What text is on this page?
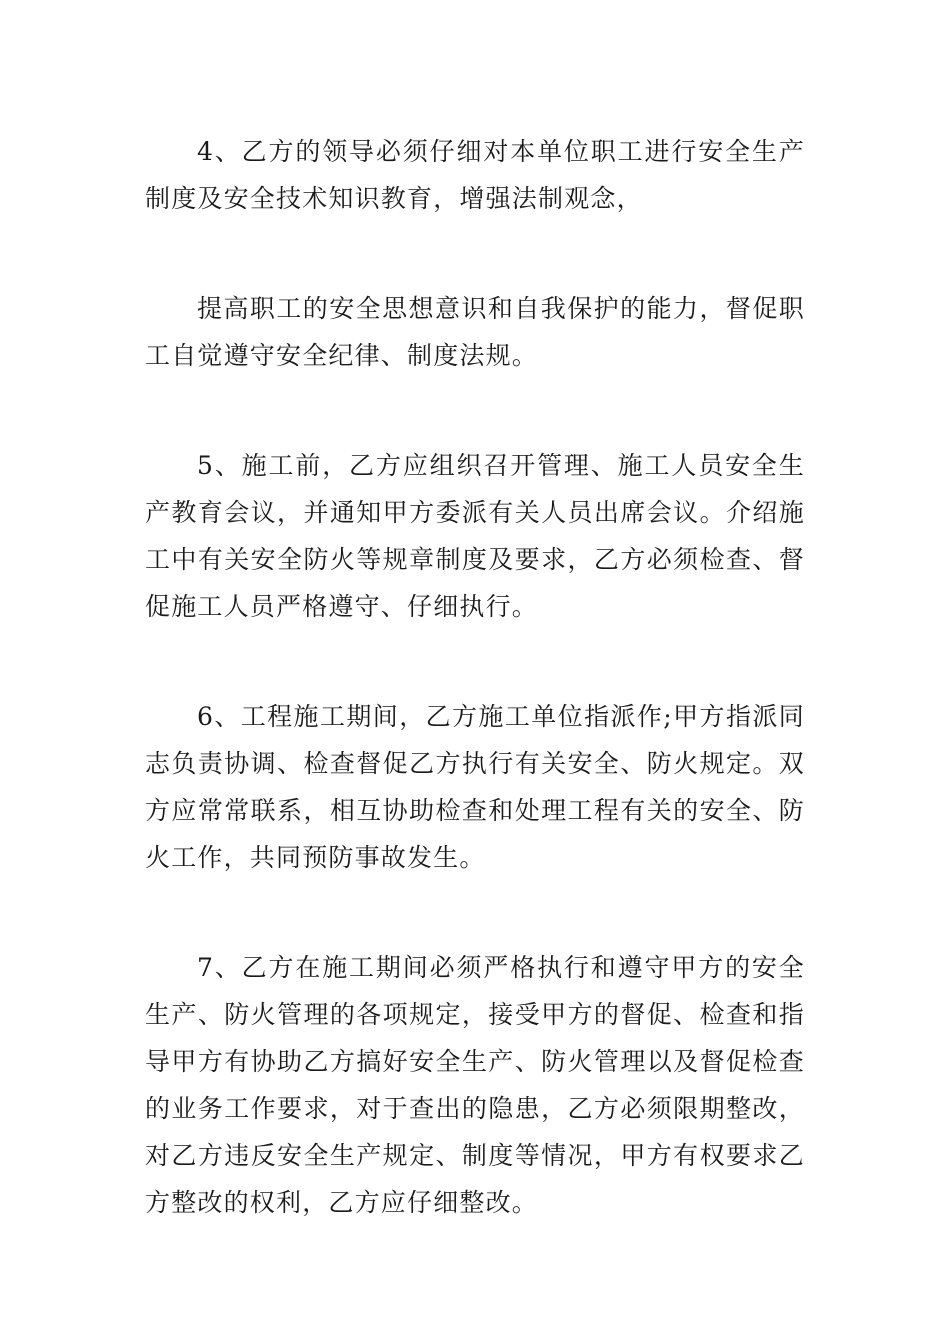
4、乙方的领导必须仔细对本单位职工进行安全生产制度及安全技术知识教育，增强法制观念，

提高职工的安全思想意识和自我保护的能力，督促职工自觉遵守安全纪律、制度法规。

5、施工前，乙方应组织召开管理、施工人员安全生产教育会议，并通知甲方委派有关人员出席会议。介绍施工中有关安全防火等规章制度及要求，乙方必须检查、督促施工人员严格遵守、仔细执行。

6、工程施工期间，乙方施工单位指派作;甲方指派同志负责协调、检查督促乙方执行有关安全、防火规定。双方应常常联系，相互协助检查和处理工程有关的安全、防火工作，共同预防事故发生。

7、乙方在施工期间必须严格执行和遵守甲方的安全生产、防火管理的各项规定，接受甲方的督促、检查和指导甲方有协助乙方搞好安全生产、防火管理以及督促检查的业务工作要求，对于查出的隐患，乙方必须限期整改，对乙方违反安全生产规定、制度等情况，甲方有权要求乙方整改的权利，乙方应仔细整改。
